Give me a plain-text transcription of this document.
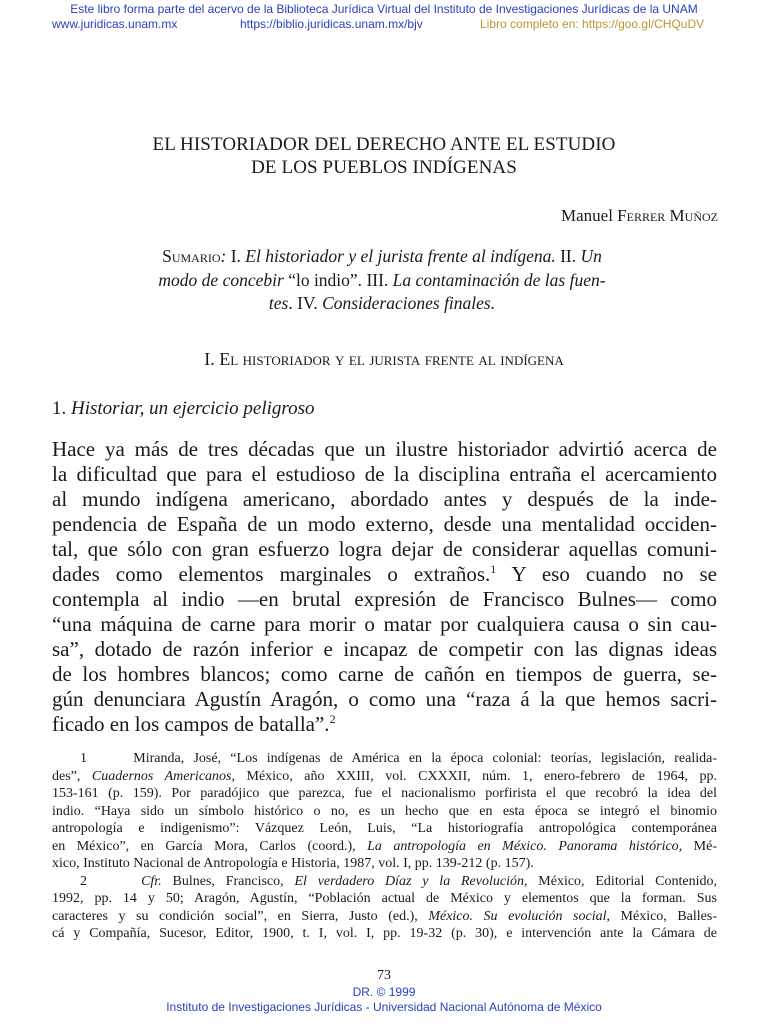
Este libro forma parte del acervo de la Biblioteca Jurídica Virtual del Instituto de Investigaciones Jurídicas de la UNAM
www.juridicas.unam.mx	https://biblio.juridicas.unam.mx/bjv	Libro completo en: https://goo.gl/CHQuDV
EL HISTORIADOR DEL DERECHO ANTE EL ESTUDIO
DE LOS PUEBLOS INDÍGENAS
Manuel Ferrer Muñoz
Sumario: I. El historiador y el jurista frente al indígena. II. Un
modo de concebir “lo indio”. III. La contaminación de las fuen-
tes. IV. Consideraciones finales.
I. El historiador y el jurista frente al indígena
1. Historiar, un ejercicio peligroso
Hace ya más de tres décadas que un ilustre historiador advirtió acerca de
la dificultad que para el estudioso de la disciplina entraña el acercamiento
al mundo indígena americano, abordado antes y después de la inde-
pendencia de España de un modo externo, desde una mentalidad occiden-
tal, que sólo con gran esfuerzo logra dejar de considerar aquellas comuni-
dades como elementos marginales o extraños.$^1$ Y eso cuando no se
contempla al indio —en brutal expresión de Francisco Bulnes— como
“una máquina de carne para morir o matar por cualquiera causa o sin cau-
sa”, dotado de razón inferior e incapaz de competir con las dignas ideas
de los hombres blancos; como carne de cañón en tiempos de guerra, se-
gún denunciara Agustín Aragón, o como una “raza á la que hemos sacri-
ficado en los campos de batalla”.$^2$
1	Miranda, José, “Los indígenas de América en la época colonial: teorías, legislación, realida-
des”, Cuadernos Americanos, México, año XXIII, vol. CXXXII, núm. 1, enero-febrero de 1964, pp.
153-161 (p. 159). Por paradójico que parezca, fue el nacionalismo porfirista el que recobró la idea del
indio. “Haya sido un símbolo histórico o no, es un hecho que en esta época se integró el binomio
antropología e indigenismo”: Vázquez León, Luis, “La historiografía antropológica contemporánea
en México”, en García Mora, Carlos (coord.), La antropología en México. Panorama histórico, Mé-
xico, Instituto Nacional de Antropología e Historia, 1987, vol. I, pp. 139-212 (p. 157).
2	Cfr. Bulnes, Francisco, El verdadero Díaz y la Revolución, México, Editorial Contenido,
1992, pp. 14 y 50; Aragón, Agustín, “Población actual de México y elementos que la forman. Sus
caracteres y su condición social”, en Sierra, Justo (ed.), México. Su evolución social, México, Balles-
cá y Compañía, Sucesor, Editor, 1900, t. I, vol. I, pp. 19-32 (p. 30), e intervención ante la Cámara de
73
DR. © 1999
Instituto de Investigaciones Jurídicas - Universidad Nacional Autónoma de México
